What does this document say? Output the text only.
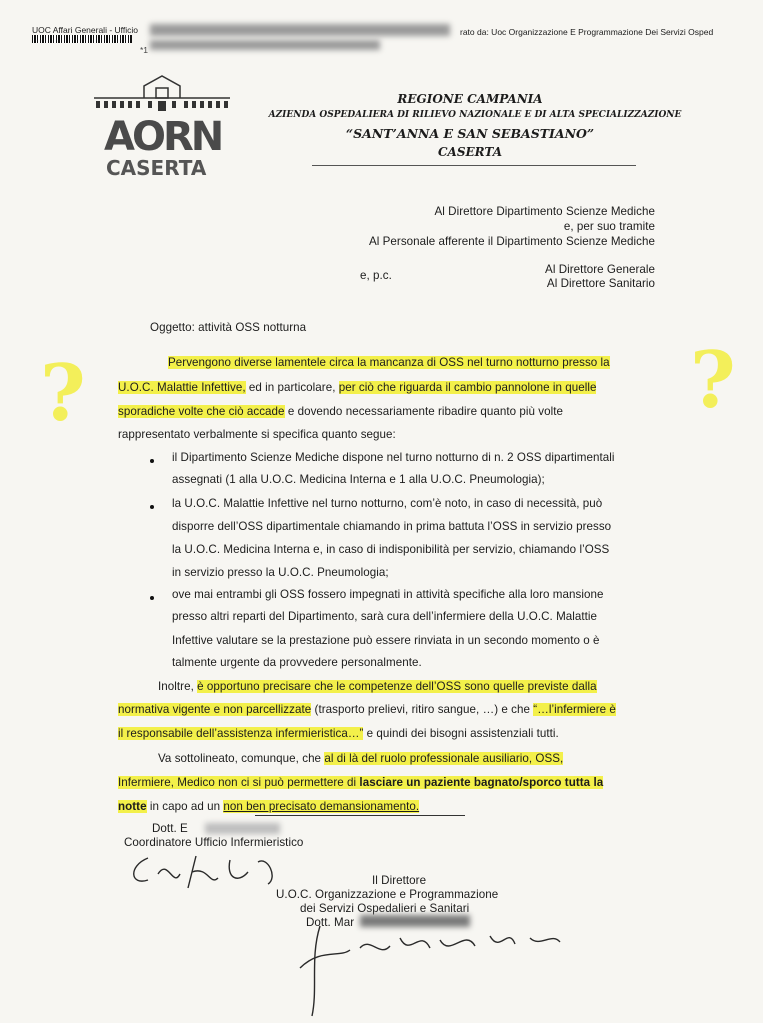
UOC Affari Generali - Ufficio	rato da: Uoc Organizzazione E Programmazione Dei Servizi Osped
*1
AORN
CASERTA
REGIONE CAMPANIA
AZIENDA OSPEDALIERA DI RILIEVO NAZIONALE E DI ALTA SPECIALIZZAZIONE
“SANT’ANNA E SAN SEBASTIANO”
CASERTA
Al Direttore Dipartimento Scienze Mediche
e, per suo tramite
Al Personale afferente il Dipartimento Scienze Mediche
e, p.c.	Al Direttore Generale
Al Direttore Sanitario
Oggetto: attività OSS notturna
?	?
Pervengono diverse lamentele circa la mancanza di OSS nel turno notturno presso la
U.O.C. Malattie Infettive, ed in particolare, per ciò che riguarda il cambio pannolone in quelle
sporadiche volte che ciò accade e dovendo necessariamente ribadire quanto più volte
rappresentato verbalmente si specifica quanto segue:
il Dipartimento Scienze Mediche dispone nel turno notturno di n. 2 OSS dipartimentali
assegnati (1 alla U.O.C. Medicina Interna e 1 alla U.O.C. Pneumologia);
la U.O.C. Malattie Infettive nel turno notturno, com’è noto, in caso di necessità, può
disporre dell’OSS dipartimentale chiamando in prima battuta l’OSS in servizio presso
la U.O.C. Medicina Interna e, in caso di indisponibilità per servizio, chiamando l’OSS
in servizio presso la U.O.C. Pneumologia;
ove mai entrambi gli OSS fossero impegnati in attività specifiche alla loro mansione
presso altri reparti del Dipartimento, sarà cura dell’infermiere della U.O.C. Malattie
Infettive valutare se la prestazione può essere rinviata in un secondo momento o è
talmente urgente da provvedere personalmente.
Inoltre, è opportuno precisare che le competenze dell’OSS sono quelle previste dalla
normativa vigente e non parcellizzate (trasporto prelievi, ritiro sangue, …) e che “…l’infermiere è
il responsabile dell’assistenza infermieristica…” e quindi dei bisogni assistenziali tutti.
Va sottolineato, comunque, che al di là del ruolo professionale ausiliario, OSS,
Infermiere, Medico non ci si può permettere di lasciare un paziente bagnato/sporco tutta la
notte in capo ad un non ben precisato demansionamento.
Dott. E
Coordinatore Ufficio Infermieristico
Il Direttore
U.O.C. Organizzazione e Programmazione
dei Servizi Ospedalieri e Sanitari
Dott. Mar
